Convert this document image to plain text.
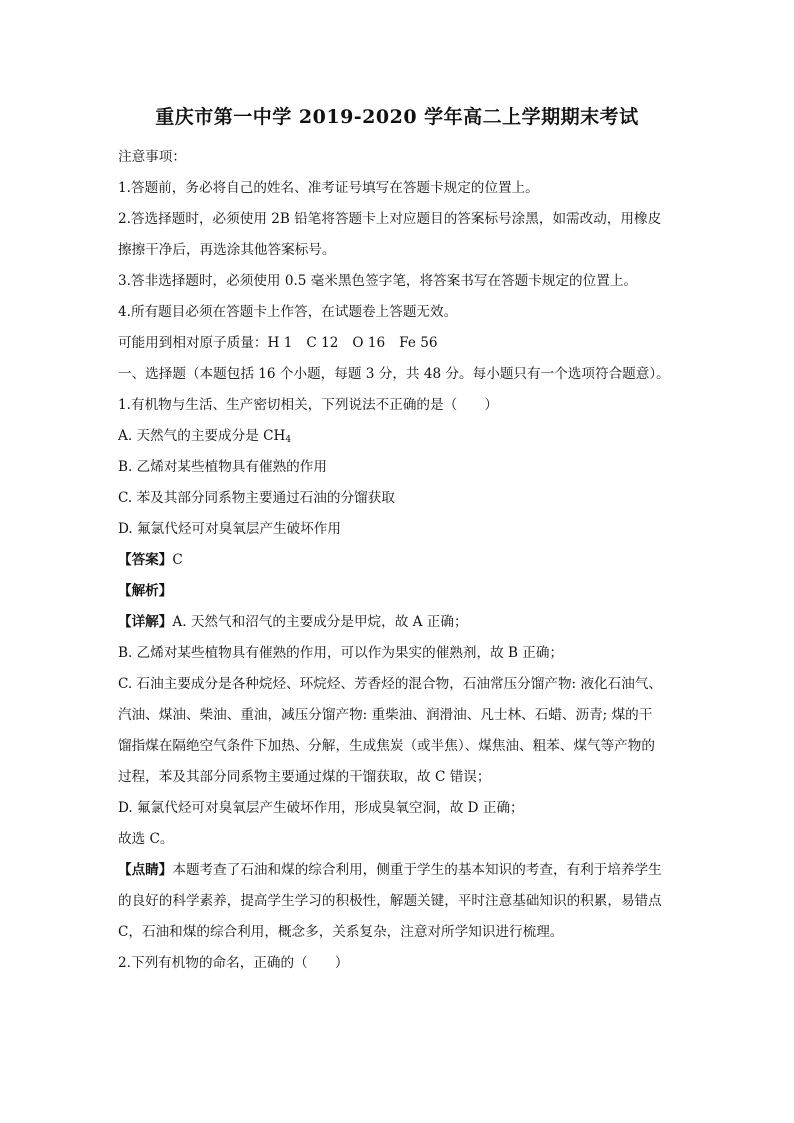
重庆市第一中学 2019-2020 学年高二上学期期末考试
注意事项：
1.答题前，务必将自己的姓名、准考证号填写在答题卡规定的位置上。
2.答选择题时，必须使用 2B 铅笔将答题卡上对应题目的答案标号涂黑，如需改动，用橡皮
擦擦干净后，再选涂其他答案标号。
3.答非选择题时，必须使用 0.5 毫米黑色签字笔，将答案书写在答题卡规定的位置上。
4.所有题目必须在答题卡上作答，在试题卷上答题无效。
可能用到相对原子质量：H 1 C 12 O 16 Fe 56
一、选择题（本题包括 16 个小题，每题 3 分，共 48 分。每小题只有一个选项符合题意）。
1.有机物与生活、生产密切相关，下列说法不正确的是（　　）
A. 天然气的主要成分是 $CH_4$
B. 乙烯对某些植物具有催熟的作用
C. 苯及其部分同系物主要通过石油的分馏获取
D. 氟氯代烃可对臭氧层产生破坏作用
【答案】C
【解析】
【详解】A. 天然气和沼气的主要成分是甲烷，故 A 正确；
B. 乙烯对某些植物具有催熟的作用，可以作为果实的催熟剂，故 B 正确；
C. 石油主要成分是各种烷烃、环烷烃、芳香烃的混合物，石油常压分馏产物: 液化石油气、
汽油、煤油、柴油、重油，减压分馏产物: 重柴油、润滑油、凡士林、石蜡、沥青; 煤的干
馏指煤在隔绝空气条件下加热、分解，生成焦炭（或半焦）、煤焦油、粗苯、煤气等产物的
过程，苯及其部分同系物主要通过煤的干馏获取，故 C 错误；
D. 氟氯代烃可对臭氧层产生破坏作用，形成臭氧空洞，故 D 正确；
故选 C。
【点睛】本题考查了石油和煤的综合利用，侧重于学生的基本知识的考查，有利于培养学生
的良好的科学素养，提高学生学习的积极性，解题关键，平时注意基础知识的积累，易错点
C，石油和煤的综合利用，概念多，关系复杂，注意对所学知识进行梳理。
2.下列有机物的命名，正确的（　　）
